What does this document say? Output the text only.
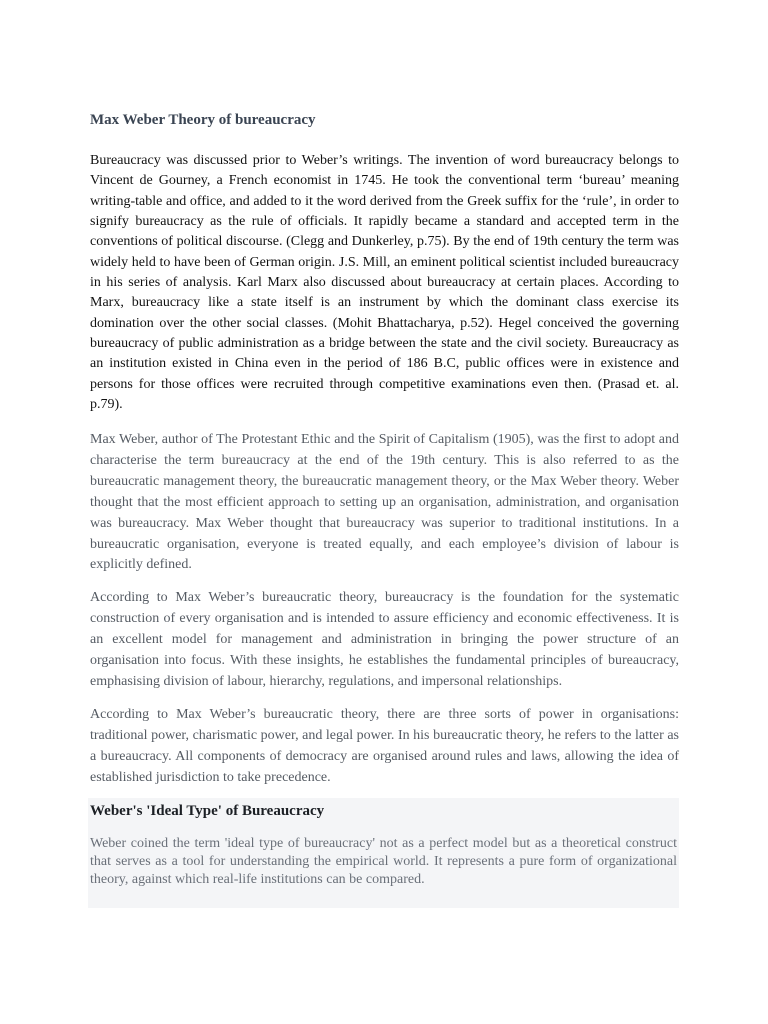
Max Weber Theory of bureaucracy

Bureaucracy was discussed prior to Weber’s writings. The invention of word bureaucracy belongs to Vincent de Gourney, a French economist in 1745. He took the conventional term ‘bureau’ meaning writing-table and office, and added to it the word derived from the Greek suffix for the ‘rule’, in order to signify bureaucracy as the rule of officials. It rapidly became a standard and accepted term in the conventions of political discourse. (Clegg and Dunkerley, p.75). By the end of 19th century the term was widely held to have been of German origin. J.S. Mill, an eminent political scientist included bureaucracy in his series of analysis. Karl Marx also discussed about bureaucracy at certain places. According to Marx, bureaucracy like a state itself is an instrument by which the dominant class exercise its domination over the other social classes. (Mohit Bhattacharya, p.52). Hegel conceived the governing bureaucracy of public administration as a bridge between the state and the civil society. Bureaucracy as an institution existed in China even in the period of 186 B.C, public offices were in existence and persons for those offices were recruited through competitive examinations even then. (Prasad et. al. p.79).

Max Weber, author of The Protestant Ethic and the Spirit of Capitalism (1905), was the first to adopt and characterise the term bureaucracy at the end of the 19th century. This is also referred to as the bureaucratic management theory, the bureaucratic management theory, or the Max Weber theory. Weber thought that the most efficient approach to setting up an organisation, administration, and organisation was bureaucracy. Max Weber thought that bureaucracy was superior to traditional institutions. In a bureaucratic organisation, everyone is treated equally, and each employee’s division of labour is explicitly defined.

According to Max Weber’s bureaucratic theory, bureaucracy is the foundation for the systematic construction of every organisation and is intended to assure efficiency and economic effectiveness. It is an excellent model for management and administration in bringing the power structure of an organisation into focus. With these insights, he establishes the fundamental principles of bureaucracy, emphasising division of labour, hierarchy, regulations, and impersonal relationships.

According to Max Weber’s bureaucratic theory, there are three sorts of power in organisations: traditional power, charismatic power, and legal power. In his bureaucratic theory, he refers to the latter as a bureaucracy. All components of democracy are organised around rules and laws, allowing the idea of established jurisdiction to take precedence.

Weber's 'Ideal Type' of Bureaucracy

Weber coined the term 'ideal type of bureaucracy' not as a perfect model but as a theoretical construct that serves as a tool for understanding the empirical world. It represents a pure form of organizational theory, against which real-life institutions can be compared.
